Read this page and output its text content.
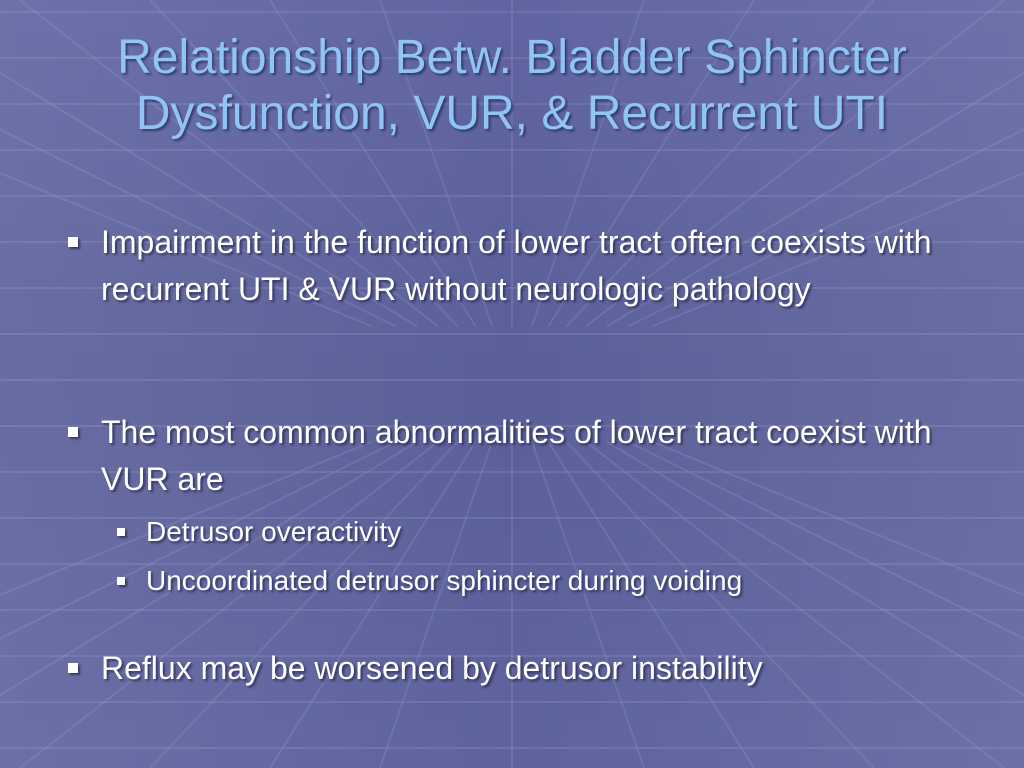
Relationship Betw. Bladder Sphincter
Dysfunction, VUR, & Recurrent UTI
Impairment in the function of lower tract often coexists with recurrent UTI & VUR without neurologic pathology
The most common abnormalities of lower tract coexist with VUR are
Detrusor overactivity
Uncoordinated detrusor sphincter during voiding
Reflux may be worsened by detrusor instability
